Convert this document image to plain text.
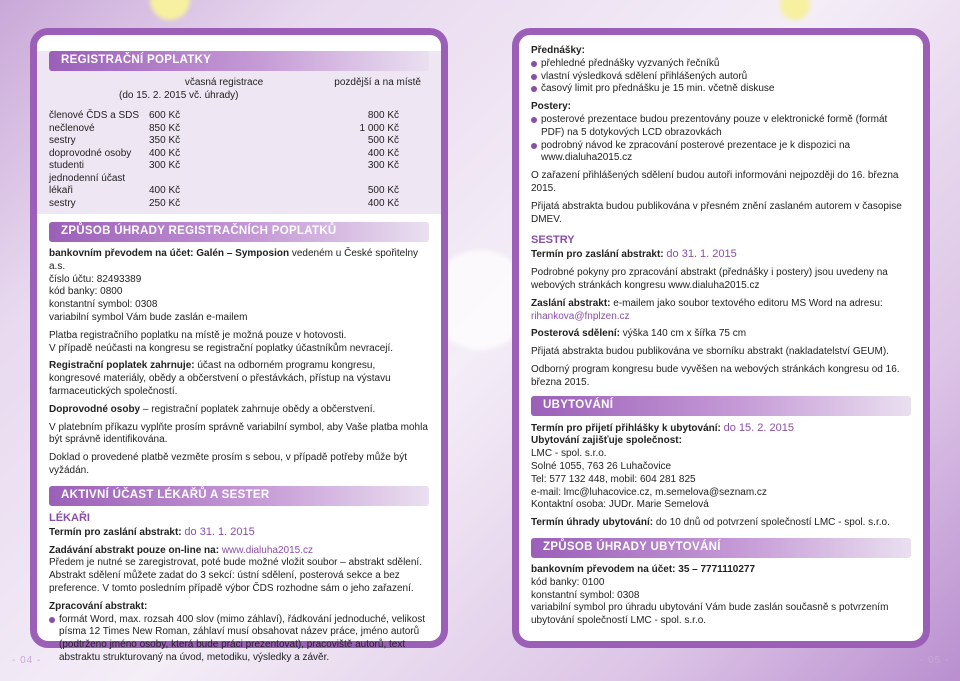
REGISTRAČNÍ POPLATKY
	včasná registrace	pozdější a na místě
(do 15. 2. 2015 vč. úhrady)		

členové ČDS a SDS	600 Kč	800 Kč
nečlenové	850 Kč	1 000 Kč
sestry	350 Kč	500 Kč
doprovodné osoby	400 Kč	400 Kč
studenti	300 Kč	300 Kč
jednodenní účast		
lékaři	400 Kč	500 Kč
sestry	250 Kč	400 Kč
ZPŮSOB ÚHRADY REGISTRAČNÍCH POPLATKŮ

bankovním převodem na účet: Galén – Symposion vedeném u České spořitelny a.s.

číslo účtu: 82493389

kód banky: 0800

konstantní symbol: 0308

variabilní symbol Vám bude zaslán e-mailem

Platba registračního poplatku na místě je možná pouze v hotovosti.

V případě neúčasti na kongresu se registrační poplatky účastníkům nevracejí.

Registrační poplatek zahrnuje: účast na odborném programu kongresu, kongresové materiály, obědy a občerstvení o přestávkách, přístup na výstavu farmaceutických společností.

Doprovodné osoby – registrační poplatek zahrnuje obědy a občerstvení.

V platebním příkazu vyplňte prosím správně variabilní symbol, aby Vaše platba mohla být správně identifikována.

Doklad o provedené platbě vezměte prosím s sebou, v případě potřeby může být vyžádán.

AKTIVNÍ ÚČAST LÉKAŘŮ A SESTER

LÉKAŘI

Termín pro zaslání abstrakt: do 31. 1. 2015

Zadávání abstrakt pouze on-line na: www.dialuha2015.cz

Předem je nutné se zaregistrovat, poté bude možné vložit soubor – abstrakt sdělení. Abstrakt sdělení můžete zadat do 3 sekcí: ústní sdělení, posterová sekce a bez preference. V tomto posledním případě výbor ČDS rozhodne sám o jeho zařazení.

Zpracování abstrakt:

formát Word, max. rozsah 400 slov (mimo záhlaví), řádkování jednoduché, velikost písma 12 Times New Roman, záhlaví musí obsahovat název práce, jméno autorů (podtrženo jméno osoby, která bude práci prezentovat), pracoviště autorů, text abstraktu strukturovaný na úvod, metodiku, výsledky a závěr.

Přednášky:

přehledné přednášky vyzvaných řečníků

vlastní výsledková sdělení přihlášených autorů

časový limit pro přednášku je 15 min. včetně diskuse

Postery:

posterové prezentace budou prezentovány pouze v elektronické formě (formát PDF) na 5 dotykových LCD obrazovkách

podrobný návod ke zpracování posterové prezentace je k dispozici na www.dialuha2015.cz

O zařazení přihlášených sdělení budou autoři informováni nejpozději do 16. března 2015.

Přijatá abstrakta budou publikována v přesném znění zaslaném autorem v časopise DMEV.

SESTRY

Termín pro zaslání abstrakt: do 31. 1. 2015

Podrobné pokyny pro zpracování abstrakt (přednášky i postery) jsou uvedeny na webových stránkách kongresu www.dialuha2015.cz

Zaslání abstrakt: e-mailem jako soubor textového editoru MS Word na adresu:

rihankova@fnplzen.cz

Posterová sdělení: výška 140 cm x šířka 75 cm

Přijatá abstrakta budou publikována ve sborníku abstrakt (nakladatelství GEUM).

Odborný program kongresu bude vyvěšen na webových stránkách kongresu od 16. března 2015.

UBYTOVÁNÍ

Termín pro přijetí přihlášky k ubytování: do 15. 2. 2015

Ubytování zajišťuje společnost:

LMC - spol. s.r.o.

Solné 1055, 763 26 Luhačovice

Tel: 577 132 448, mobil: 604 281 825

e-mail: lmc@luhacovice.cz, m.semelova@seznam.cz

Kontaktní osoba: JUDr. Marie Semelová

Termín úhrady ubytování: do 10 dnů od potvrzení společností LMC - spol. s.r.o.

ZPŮSOB ÚHRADY UBYTOVÁNÍ

bankovním převodem na účet: 35 – 7771110277

kód banky: 0100

konstantní symbol: 0308

variabilní symbol pro úhradu ubytování Vám bude zaslán současně s potvrzením ubytování společností LMC - spol. s.r.o.

- 04 -	- 05 -
